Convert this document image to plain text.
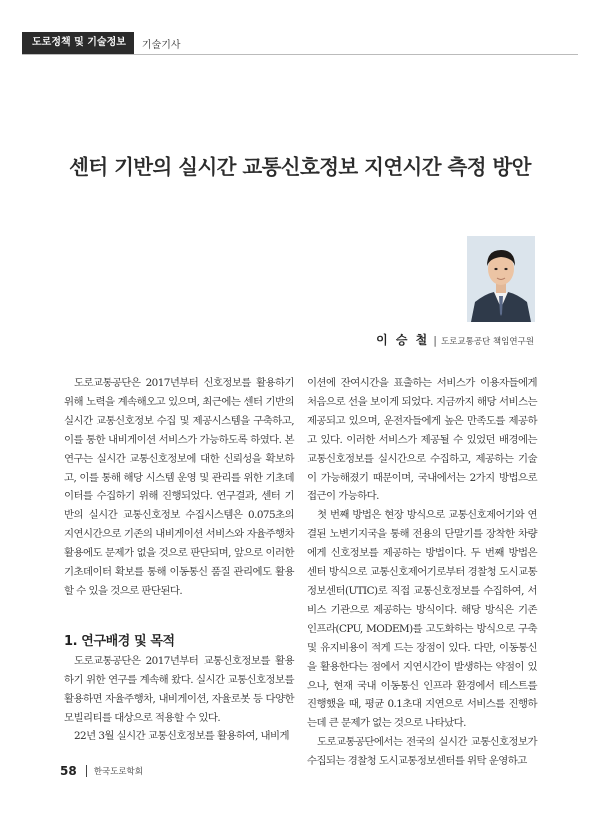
도로정책 및 기술정보	기술기사
센터 기반의 실시간 교통신호정보 지연시간 측정 방안
이 승 철 | 도로교통공단 책임연구원

도로교통공단은 2017년부터 신호정보를 활용하기 위해 노력을 계속해오고 있으며, 최근에는 센터 기반의 실시간 교통신호정보 수집 및 제공시스템을 구축하고, 이를 통한 내비게이션 서비스가 가능하도록 하였다. 본 연구는 실시간 교통신호정보에 대한 신뢰성을 확보하고, 이를 통해 해당 시스템 운영 및 관리를 위한 기초데이터를 수집하기 위해 진행되었다. 연구결과, 센터 기반의 실시간 교통신호정보 수집시스템은 0.075초의 지연시간으로 기존의 내비게이션 서비스와 자율주행차 활용에도 문제가 없을 것으로 판단되며, 앞으로 이러한 기초데이터 확보를 통해 이동통신 품질 관리에도 활용할 수 있을 것으로 판단된다.

1. 연구배경 및 목적

도로교통공단은 2017년부터 교통신호정보를 활용하기 위한 연구를 계속해 왔다. 실시간 교통신호정보를 활용하면 자율주행차, 내비게이션, 자율로봇 등 다양한 모빌리티를 대상으로 적용할 수 있다.

22년 3월 실시간 교통신호정보를 활용하여, 내비게

이션에 잔여시간을 표출하는 서비스가 이용자들에게 처음으로 선을 보이게 되었다. 지금까지 해당 서비스는 제공되고 있으며, 운전자들에게 높은 만족도를 제공하고 있다. 이러한 서비스가 제공될 수 있었던 배경에는 교통신호정보를 실시간으로 수집하고, 제공하는 기술이 가능해졌기 때문이며, 국내에서는 2가지 방법으로 접근이 가능하다.

첫 번째 방법은 현장 방식으로 교통신호제어기와 연결된 노변기지국을 통해 전용의 단말기를 장착한 차량에게 신호정보를 제공하는 방법이다. 두 번째 방법은 센터 방식으로 교통신호제어기로부터 경찰청 도시교통정보센터(UTIC)로 직접 교통신호정보를 수집하여, 서비스 기관으로 제공하는 방식이다. 해당 방식은 기존 인프라(CPU, MODEM)를 고도화하는 방식으로 구축 및 유지비용이 적게 드는 장점이 있다. 다만, 이동통신을 활용한다는 점에서 지연시간이 발생하는 약점이 있으나, 현재 국내 이동통신 인프라 환경에서 테스트를 진행했을 때, 평균 0.1초대 지연으로 서비스를 진행하는데 큰 문제가 없는 것으로 나타났다.

도로교통공단에서는 전국의 실시간 교통신호정보가 수집되는 경찰청 도시교통정보센터를 위탁 운영하고

58 한국도로학회
